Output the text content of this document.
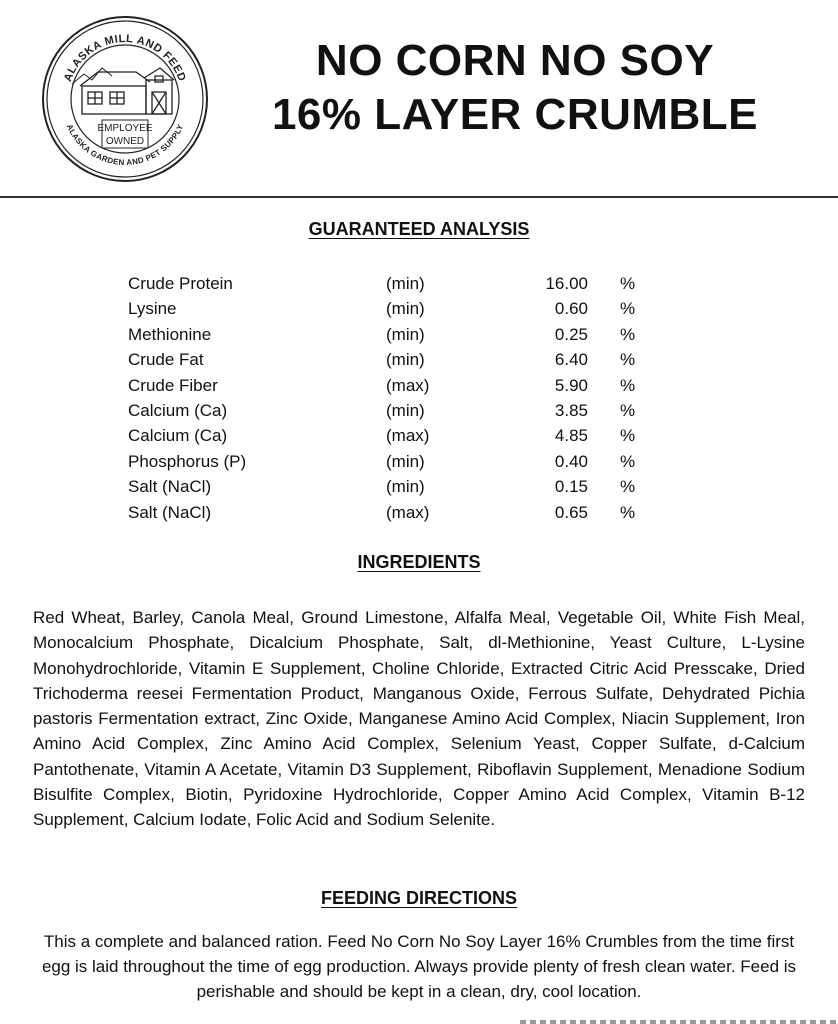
ALASKA MILL AND FEED
ALASKA GARDEN AND PET SUPPLY
EMPLOYEE
OWNED
NO CORN NO SOY
16% LAYER CRUMBLE
GUARANTEED ANALYSIS
Crude Protein	(min)	16.00 %
Lysine	(min)	0.60 %
Methionine	(min)	0.25 %
Crude Fat	(min)	6.40 %
Crude Fiber	(max)	5.90 %
Calcium (Ca)	(min)	3.85 %
Calcium (Ca)	(max)	4.85 %
Phosphorus (P)	(min)	0.40 %
Salt (NaCl)	(min)	0.15 %
Salt (NaCl)	(max)	0.65 %
INGREDIENTS
Red Wheat, Barley, Canola Meal, Ground Limestone, Alfalfa Meal, Vegetable Oil, White Fish Meal, Monocalcium Phosphate, Dicalcium Phosphate, Salt, dl-Methionine, Yeast Culture, L-Lysine Monohydrochloride, Vitamin E Supplement, Choline Chloride, Extracted Citric Acid Presscake, Dried Trichoderma reesei Fermentation Product, Manganous Oxide, Ferrous Sulfate, Dehydrated Pichia pastoris Fermentation extract, Zinc Oxide, Manganese Amino Acid Complex, Niacin Supplement, Iron Amino Acid Complex, Zinc Amino Acid Complex, Selenium Yeast, Copper Sulfate, d-Calcium Pantothenate, Vitamin A Acetate, Vitamin D3 Supplement, Riboflavin Supplement, Menadione Sodium Bisulfite Complex, Biotin, Pyridoxine Hydrochloride, Copper Amino Acid Complex, Vitamin B-12 Supplement, Calcium Iodate, Folic Acid and Sodium Selenite.
FEEDING DIRECTIONS
This a complete and balanced ration. Feed No Corn No Soy Layer 16% Crumbles from the time first egg is laid throughout the time of egg production. Always provide plenty of fresh clean water. Feed is perishable and should be kept in a clean, dry, cool location.
